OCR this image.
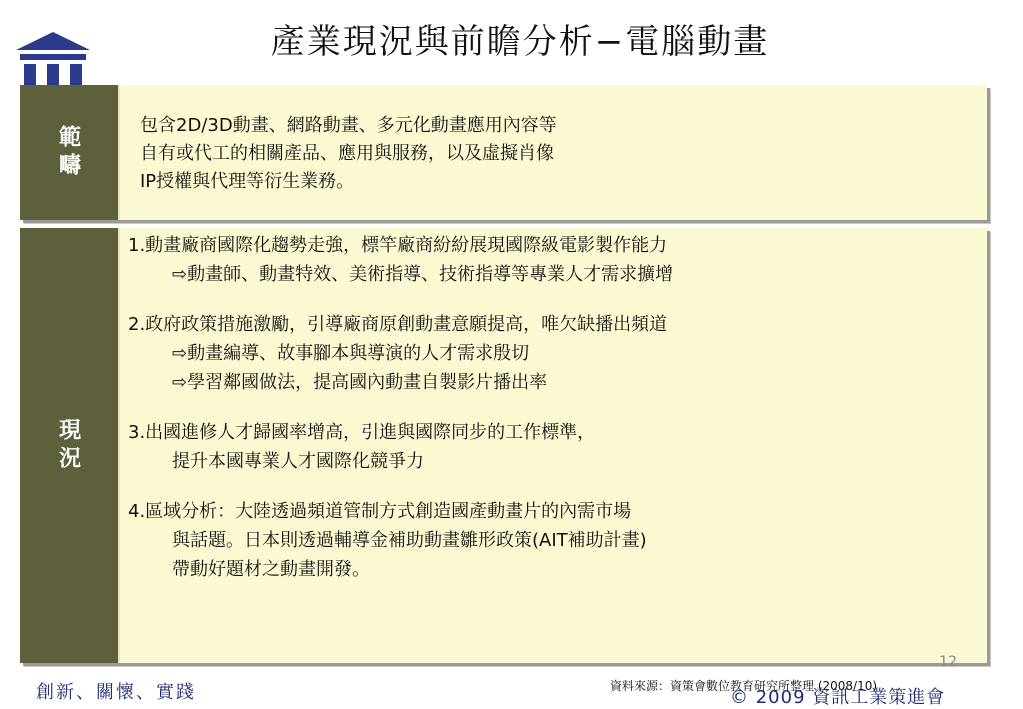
產業現況與前瞻分析−電腦動畫
範疇	包含2D/3D動畫、網路動畫、多元化動畫應用內容等
自有或代工的相關產品、應用與服務，以及虛擬肖像
IP授權與代理等衍生業務。
現況
1.動畫廠商國際化趨勢走強，標竿廠商紛紛展現國際級電影製作能力
⇨動畫師、動畫特效、美術指導、技術指導等專業人才需求擴增
2.政府政策措施激勵，引導廠商原創動畫意願提高，唯欠缺播出頻道
⇨動畫編導、故事腳本與導演的人才需求殷切
⇨學習鄰國做法，提高國內動畫自製影片播出率
3.出國進修人才歸國率增高，引進與國際同步的工作標準，
提升本國專業人才國際化競爭力
4.區域分析：大陸透過頻道管制方式創造國產動畫片的內需市場
與話題。日本則透過輔導金補助動畫雛形政策(AIT補助計畫)
帶動好題材之動畫開發。
12
創新、關懷、實踐	資料來源：資策會數位教育研究所整理 (2008/10)
© 2009 資訊工業策進會
